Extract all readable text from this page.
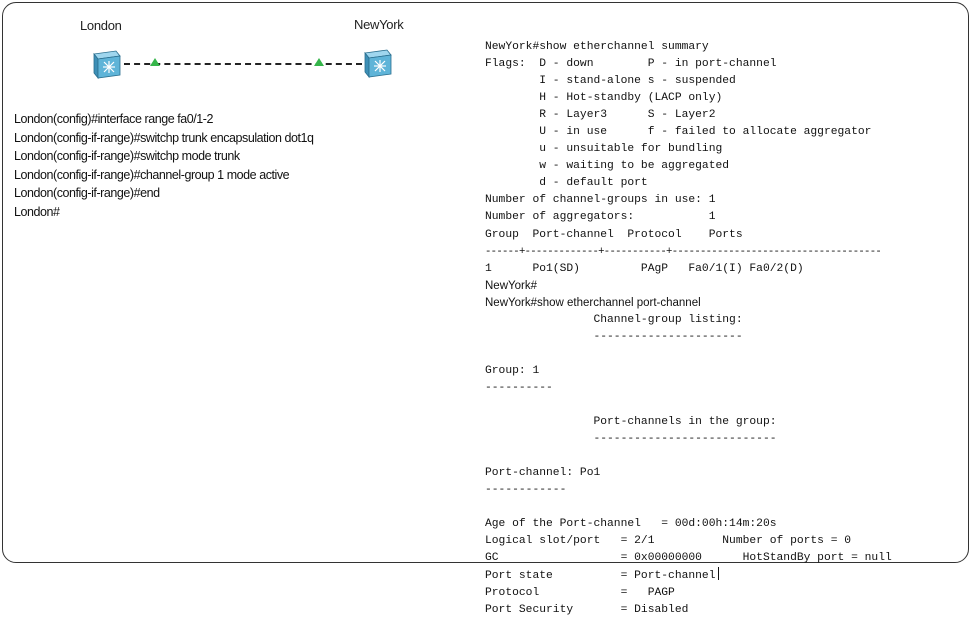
London	NewYork
London(config)#interface range fa0/1-2
London(config-if-range)#switchp trunk encapsulation dot1q
London(config-if-range)#switchp mode trunk
London(config-if-range)#channel-group 1 mode active
London(config-if-range)#end
London#
NewYork#show etherchannel summary
Flags:  D - down        P - in port-channel
I - stand-alone s - suspended
H - Hot-standby (LACP only)
R - Layer3      S - Layer2
U - in use      f - failed to allocate aggregator
u - unsuitable for bundling
w - waiting to be aggregated
d - default port
Number of channel-groups in use: 1
Number of aggregators:           1
Group  Port-channel  Protocol    Ports
------+-------------+-----------+-------------------------------------
1      Po1(SD)         PAgP   Fa0/1(I) Fa0/2(D)
NewYork#
NewYork#show etherchannel port-channel
Channel-group listing:
----------------------
Group: 1
----------
Port-channels in the group:
---------------------------
Port-channel: Po1
------------
Age of the Port-channel   = 00d:00h:14m:20s
Logical slot/port   = 2/1          Number of ports = 0
GC                  = 0x00000000      HotStandBy port = null
Port state          = Port-channel
Protocol            =   PAGP
Port Security       = Disabled
